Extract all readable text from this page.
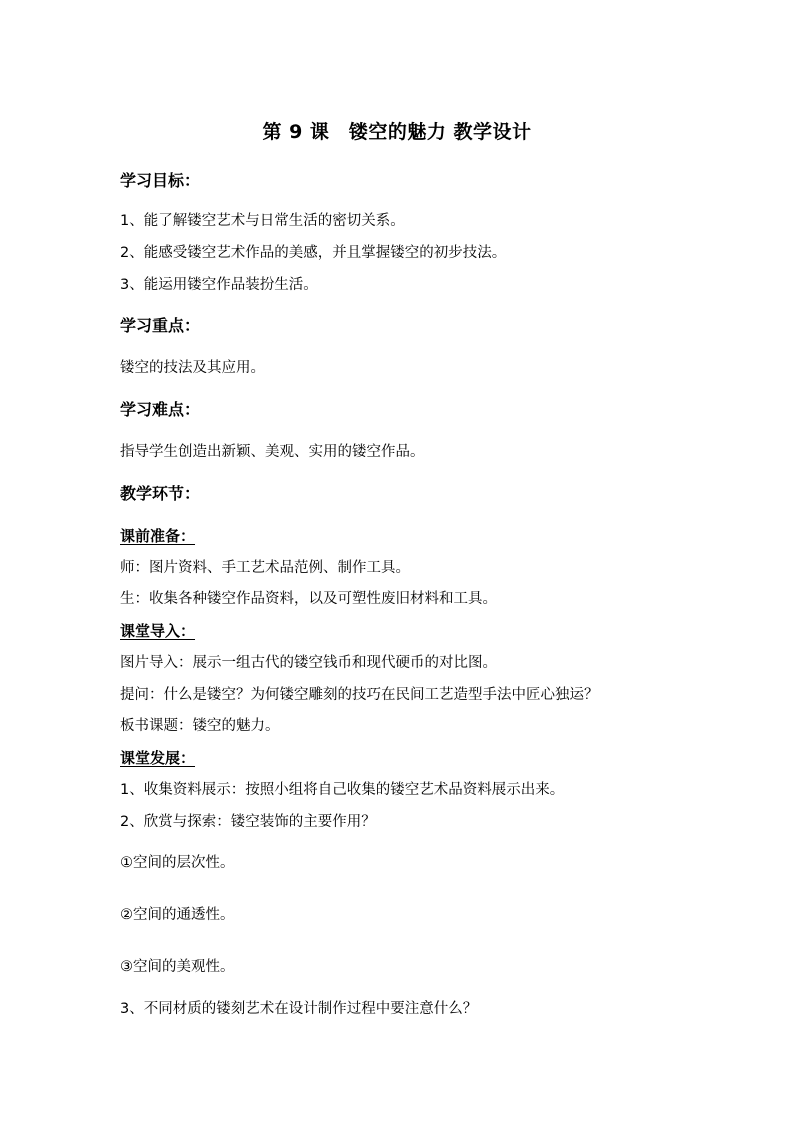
第 9 课　镂空的魅力 教学设计
学习目标：
1、能了解镂空艺术与日常生活的密切关系。
2、能感受镂空艺术作品的美感，并且掌握镂空的初步技法。
3、能运用镂空作品装扮生活。
学习重点：
镂空的技法及其应用。
学习难点：
指导学生创造出新颖、美观、实用的镂空作品。
教学环节：
课前准备：
师：图片资料、手工艺术品范例、制作工具。
生：收集各种镂空作品资料，以及可塑性废旧材料和工具。
课堂导入：
图片导入：展示一组古代的镂空钱币和现代硬币的对比图。
提问：什么是镂空？为何镂空雕刻的技巧在民间工艺造型手法中匠心独运？
板书课题：镂空的魅力。
课堂发展：
1、收集资料展示：按照小组将自己收集的镂空艺术品资料展示出来。
2、欣赏与探索：镂空装饰的主要作用？
①空间的层次性。
②空间的通透性。
③空间的美观性。
3、不同材质的镂刻艺术在设计制作过程中要注意什么？
